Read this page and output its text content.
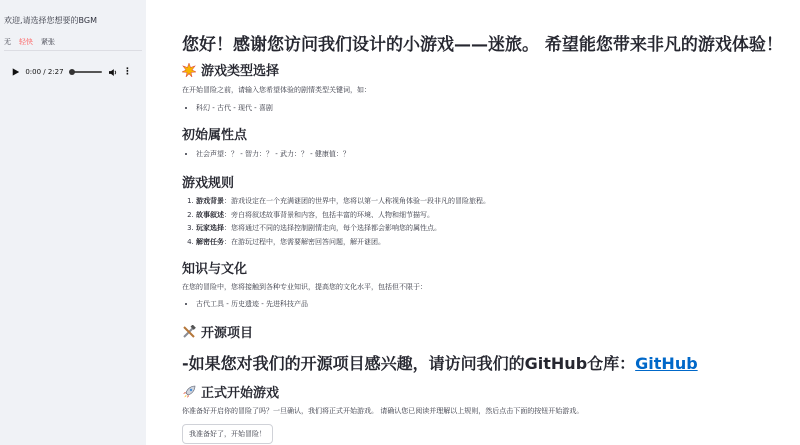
欢迎,请选择您想要的BGM
无 轻快 紧张
0:00 / 2:27	⋮
您好！感谢您访问我们设计的小游戏——迷旅。 希望能您带来非凡的游戏体验！
游戏类型选择
在开始冒险之前，请输入您希望体验的剧情类型关键词，如：
• 科幻 - 古代 - 现代 - 喜剧
初始属性点
• 社会声望：？ - 智力：？ - 武力：？ - 健康值：？
游戏规则
1. 游戏背景：游戏设定在一个充满谜团的世界中，您将以第一人称视角体验一段非凡的冒险旅程。
2. 故事叙述：旁白将叙述故事背景和内容，包括丰富的环境、人物和细节描写。
3. 玩家选择：您将通过不同的选择控制剧情走向，每个选择都会影响您的属性点。
4. 解密任务：在游玩过程中，您需要解密回答问题，解开谜团。
知识与文化
在您的冒险中，您将接触到各种专业知识，提高您的文化水平，包括但不限于：
• 古代工具 - 历史遗迹 - 先进科技产品
开源项目
-如果您对我们的开源项目感兴趣，请访问我们的GitHub仓库：GitHub
正式开始游戏
你准备好开启你的冒险了吗？一旦确认，我们将正式开始游戏。 请确认您已阅读并理解以上规则，然后点击下面的按钮开始游戏。
我准备好了，开始冒险！
